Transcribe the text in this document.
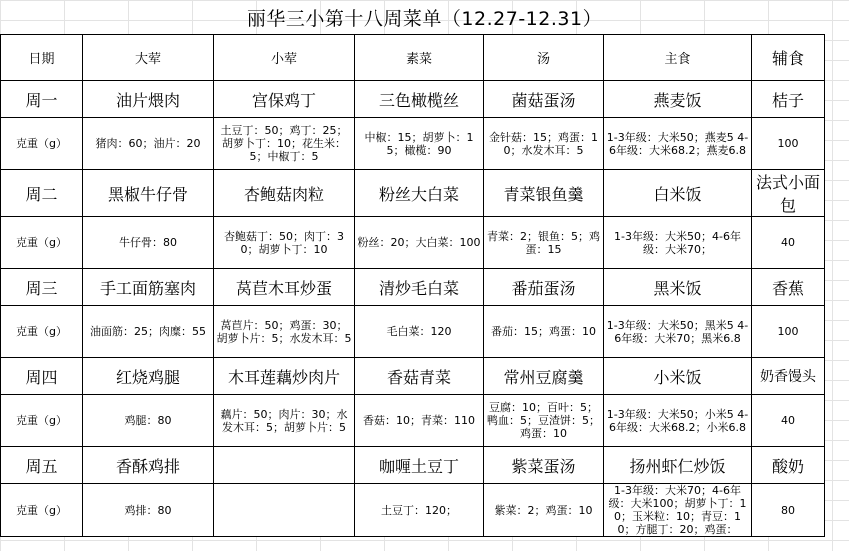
丽华三小第十八周菜单（12.27-12.31）
日期	大荤	小荤	素菜	汤	主食	辅食
周一	油片煨肉	宫保鸡丁	三色橄榄丝	菌菇蛋汤	燕麦饭	桔子
克重（g）	猪肉：60；油片：20	土豆丁：50；鸡丁：25；胡萝卜丁：10；花生米：5；中椒丁：5	中椒：15；胡萝卜：15；橄榄：90	金针菇：15；鸡蛋：10；水发木耳：5	1-3年级：大米50；燕麦5 4-6年级：大米68.2；燕麦6.8	100
周二	黑椒牛仔骨	杏鲍菇肉粒	粉丝大白菜	青菜银鱼羹	白米饭	法式小面包
克重（g）	牛仔骨：80	杏鲍菇丁：50；肉丁：30；胡萝卜丁：10	粉丝：20；大白菜：100	青菜：2；银鱼：5；鸡蛋：15	1-3年级：大米50；4-6年级：大米70；	40
周三	手工面筋塞肉	莴苣木耳炒蛋	清炒毛白菜	番茄蛋汤	黑米饭	香蕉
克重（g）	油面筋：25；肉糜：55	莴苣片：50；鸡蛋：30；胡萝卜片：5；水发木耳：5	毛白菜：120	番茄：15；鸡蛋：10	1-3年级：大米50；黑米5 4-6年级：大米70；黑米6.8	100
周四	红烧鸡腿	木耳莲藕炒肉片	香菇青菜	常州豆腐羹	小米饭	奶香馒头
克重（g）	鸡腿：80	藕片：50；肉片：30；水发木耳：5；胡萝卜片：5	香菇：10；青菜：110	豆腐：10；百叶：5；鸭血：5；豆渣饼：5；鸡蛋：10	1-3年级：大米50；小米5 4-6年级：大米68.2；小米6.8	40
周五	香酥鸡排		咖喱土豆丁	紫菜蛋汤	扬州虾仁炒饭	酸奶
克重（g）	鸡排：80		土豆丁：120；	紫菜：2；鸡蛋：10	1-3年级：大米70；4-6年级：大米100；胡萝卜丁：10；玉米粒：10；青豆：10；方腿丁：20；鸡蛋：	80
